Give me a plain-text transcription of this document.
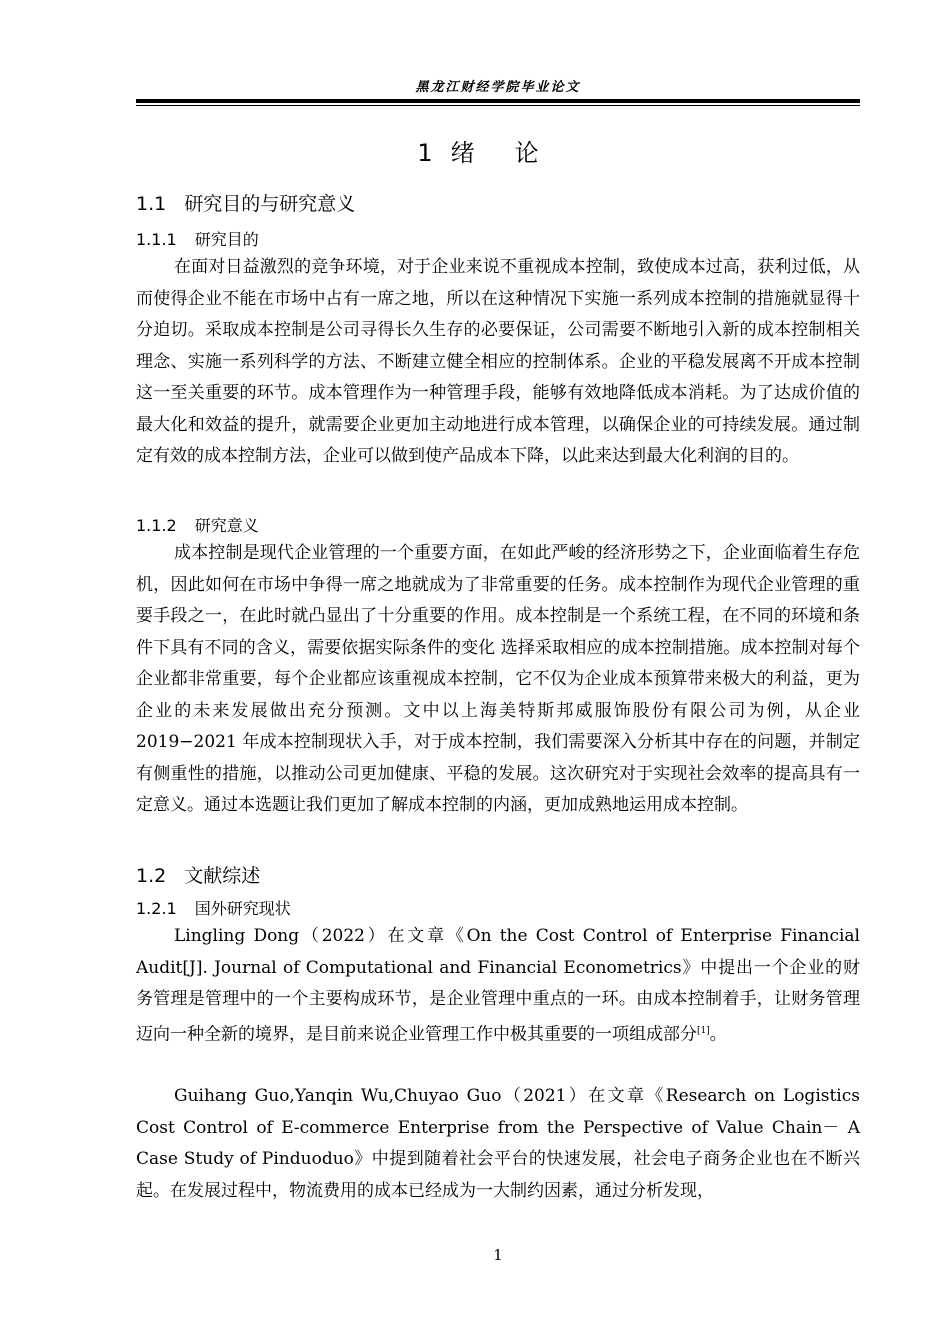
黑龙江财经学院毕业论文
1 绪论
1.1 研究目的与研究意义
1.1.1 研究目的
在面对日益激烈的竞争环境，对于企业来说不重视成本控制，致使成本过高，获利过低，从而使得企业不能在市场中占有一席之地，所以在这种情况下实施一系列成本控制的措施就显得十分迫切。采取成本控制是公司寻得长久生存的必要保证，公司需要不断地引入新的成本控制相关理念、实施一系列科学的方法、不断建立健全相应的控制体系。企业的平稳发展离不开成本控制这一至关重要的环节。成本管理作为一种管理手段，能够有效地降低成本消耗。为了达成价值的最大化和效益的提升，就需要企业更加主动地进行成本管理，以确保企业的可持续发展。通过制定有效的成本控制方法，企业可以做到使产品成本下降，以此来达到最大化利润的目的。
1.1.2 研究意义
成本控制是现代企业管理的一个重要方面，在如此严峻的经济形势之下，企业面临着生存危机，因此如何在市场中争得一席之地就成为了非常重要的任务。成本控制作为现代企业管理的重要手段之一，在此时就凸显出了十分重要的作用。成本控制是一个系统工程，在不同的环境和条件下具有不同的含义，需要依据实际条件的变化 选择采取相应的成本控制措施。成本控制对每个企业都非常重要，每个企业都应该重视成本控制，它不仅为企业成本预算带来极大的利益，更为企业的未来发展做出充分预测。文中以上海美特斯邦威服饰股份有限公司为例，从企业 2019−2021 年成本控制现状入手，对于成本控制，我们需要深入分析其中存在的问题，并制定有侧重性的措施，以推动公司更加健康、平稳的发展。这次研究对于实现社会效率的提高具有一定意义。通过本选题让我们更加了解成本控制的内涵，更加成熟地运用成本控制。
1.2 文献综述
1.2.1 国外研究现状
Lingling Dong（2022）在文章《On the Cost Control of Enterprise Financial Audit[J]. Journal of Computational and Financial Econometrics》中提出一个企业的财务管理是管理中的一个主要构成环节，是企业管理中重点的一环。由成本控制着手，让财务管理迈向一种全新的境界，是目前来说企业管理工作中极其重要的一项组成部分[1]。
Guihang Guo,Yanqin Wu,Chuyao Guo（2021）在文章《Research on Logistics Cost Control of E-commerce Enterprise from the Perspective of Value Chain－ A Case Study of Pinduoduo》中提到随着社会平台的快速发展，社会电子商务企业也在不断兴起。在发展过程中，物流费用的成本已经成为一大制约因素，通过分析发现，
1
